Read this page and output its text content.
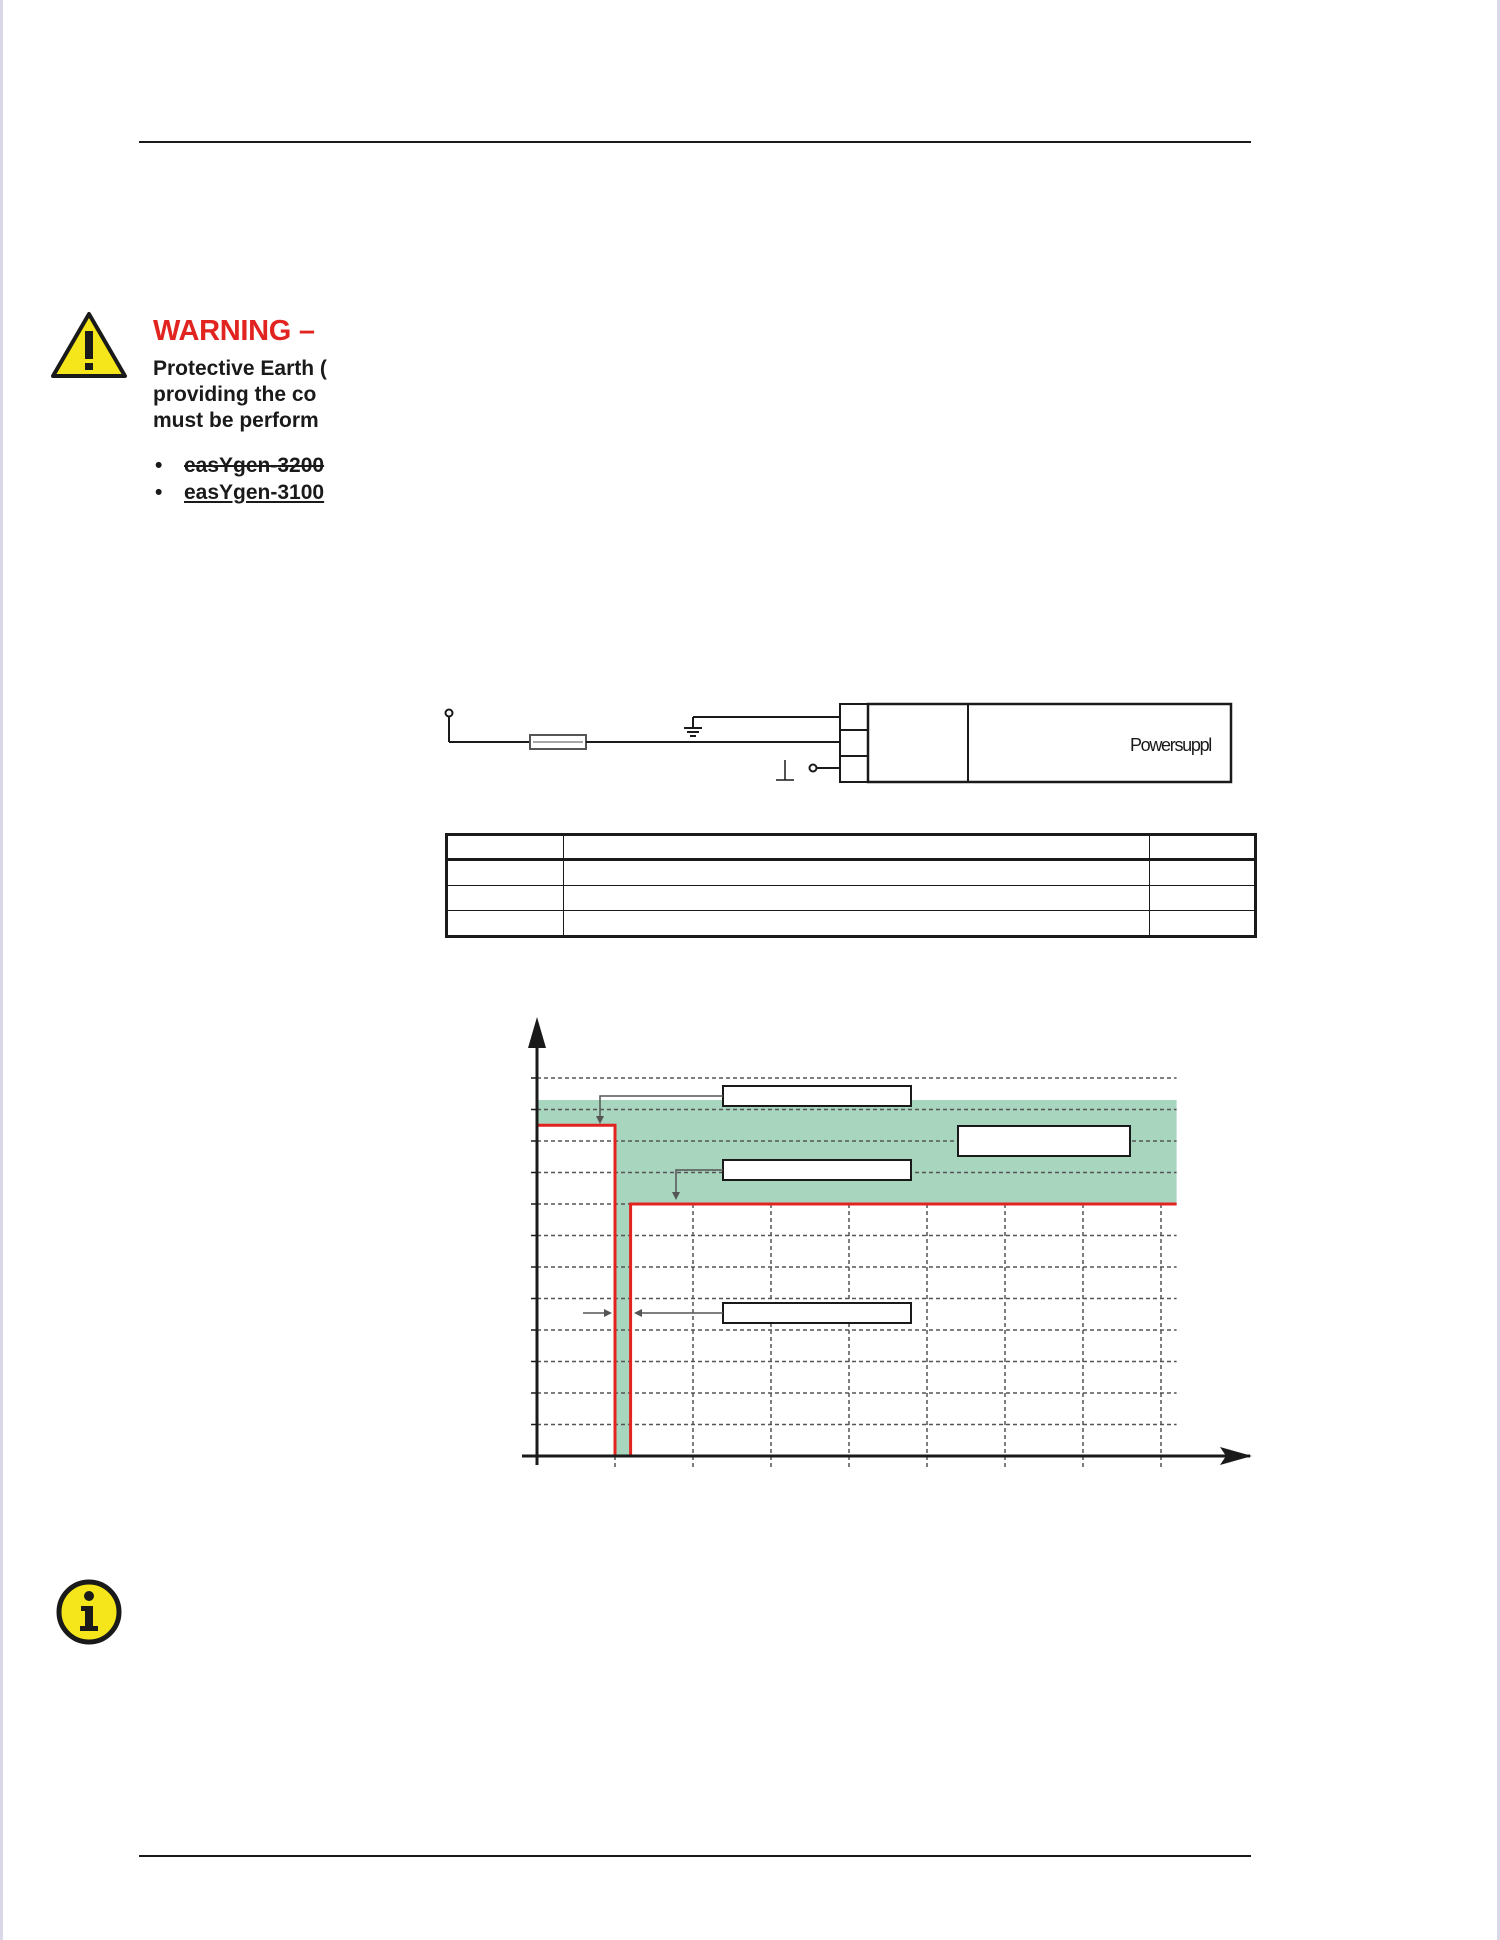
WARNING –
Protective Earth (
providing the co
must be perform
• easYgen-3200
• easYgen-3100
Powersuppl
